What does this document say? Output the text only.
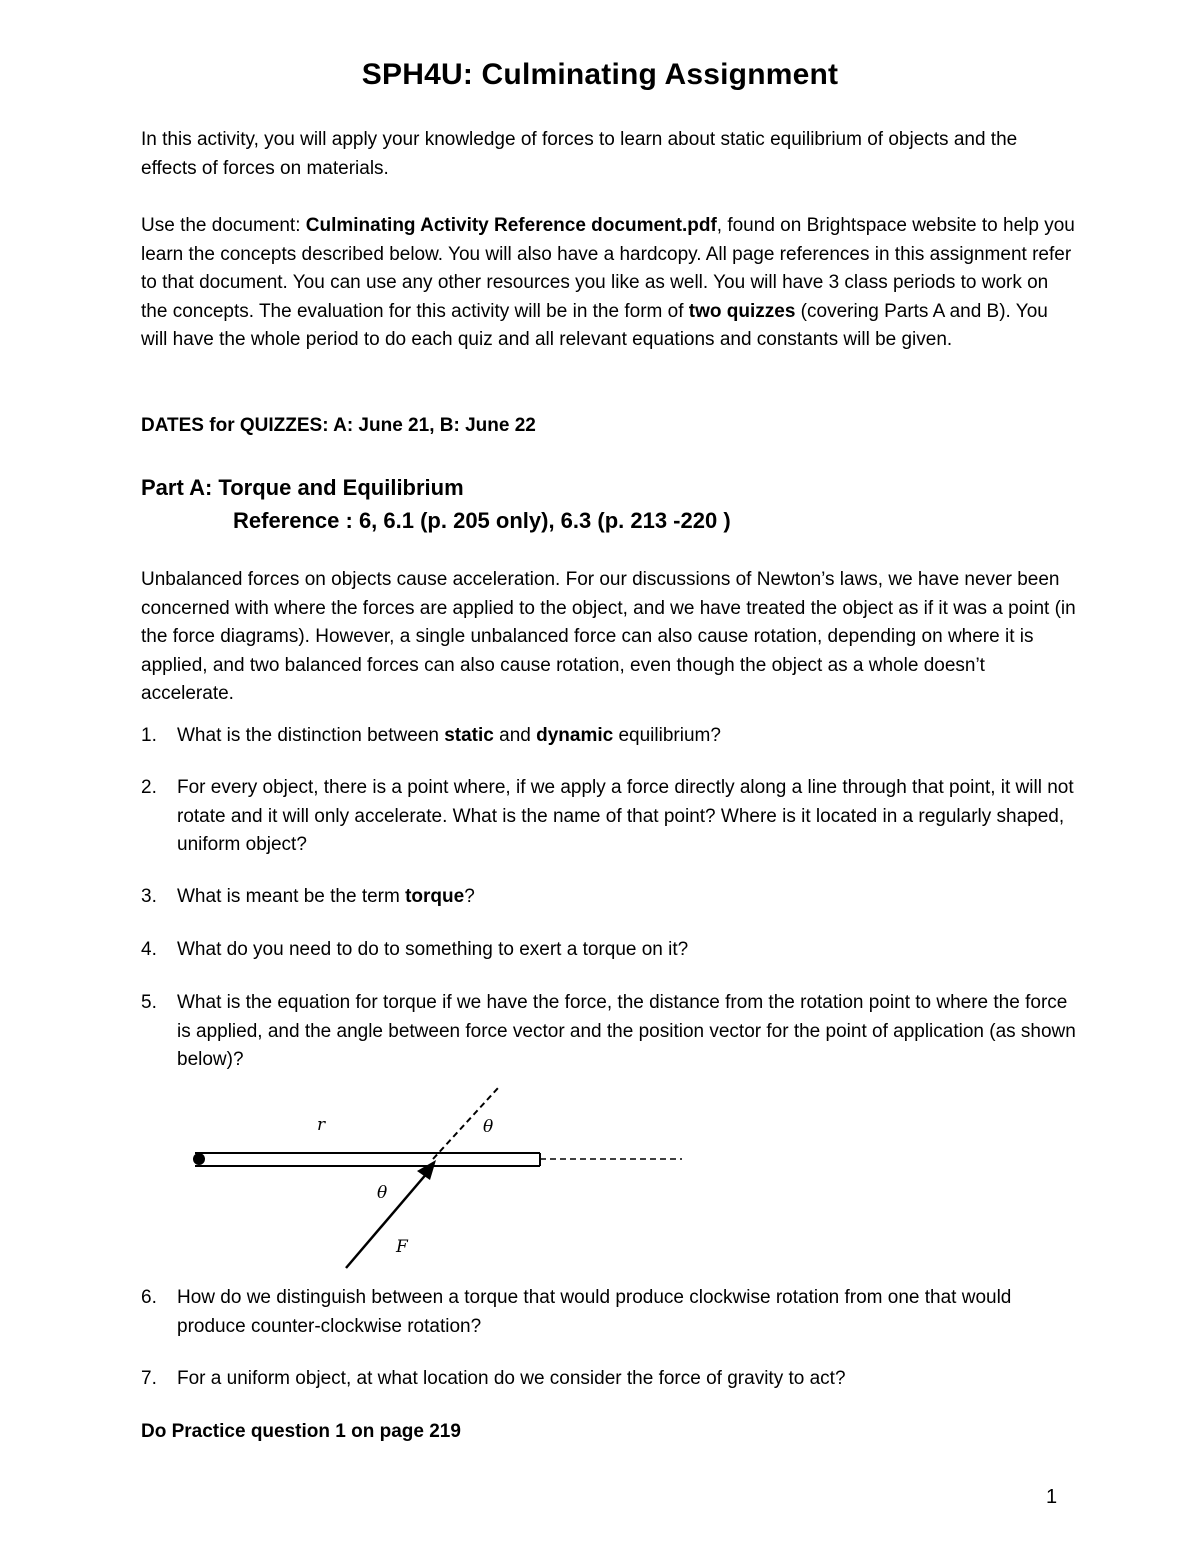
SPH4U: Culminating Assignment
In this activity, you will apply your knowledge of forces to learn about static equilibrium of objects and the effects of forces on materials.
Use the document: Culminating Activity Reference document.pdf, found on Brightspace website to help you learn the concepts described below. You will also have a hardcopy. All page references in this assignment refer to that document. You can use any other resources you like as well. You will have 3 class periods to work on the concepts. The evaluation for this activity will be in the form of two quizzes (covering Parts A and B). You will have the whole period to do each quiz and all relevant equations and constants will be given.
DATES for QUIZZES: A: June 21, B: June 22
Part A: Torque and Equilibrium
Reference : 6, 6.1 (p. 205 only), 6.3 (p. 213 -220 )
Unbalanced forces on objects cause acceleration. For our discussions of Newton’s laws, we have never been concerned with where the forces are applied to the object, and we have treated the object as if it was a point (in the force diagrams). However, a single unbalanced force can also cause rotation, depending on where it is applied, and two balanced forces can also cause rotation, even though the object as a whole doesn’t accelerate.
1.	What is the distinction between static and dynamic equilibrium?
2.	For every object, there is a point where, if we apply a force directly along a line through that point, it will not rotate and it will only accelerate. What is the name of that point? Where is it located in a regularly shaped, uniform object?
3.	What is meant be the term torque?
4.	What do you need to do to something to exert a torque on it?
5.	What is the equation for torque if we have the force, the distance from the rotation point to where the force is applied, and the angle between force vector and the position vector for the point of application (as shown below)?
r	θ
θ
F
6.	How do we distinguish between a torque that would produce clockwise rotation from one that would produce counter-clockwise rotation?
7.	For a uniform object, at what location do we consider the force of gravity to act?
Do Practice question 1 on page 219
1
